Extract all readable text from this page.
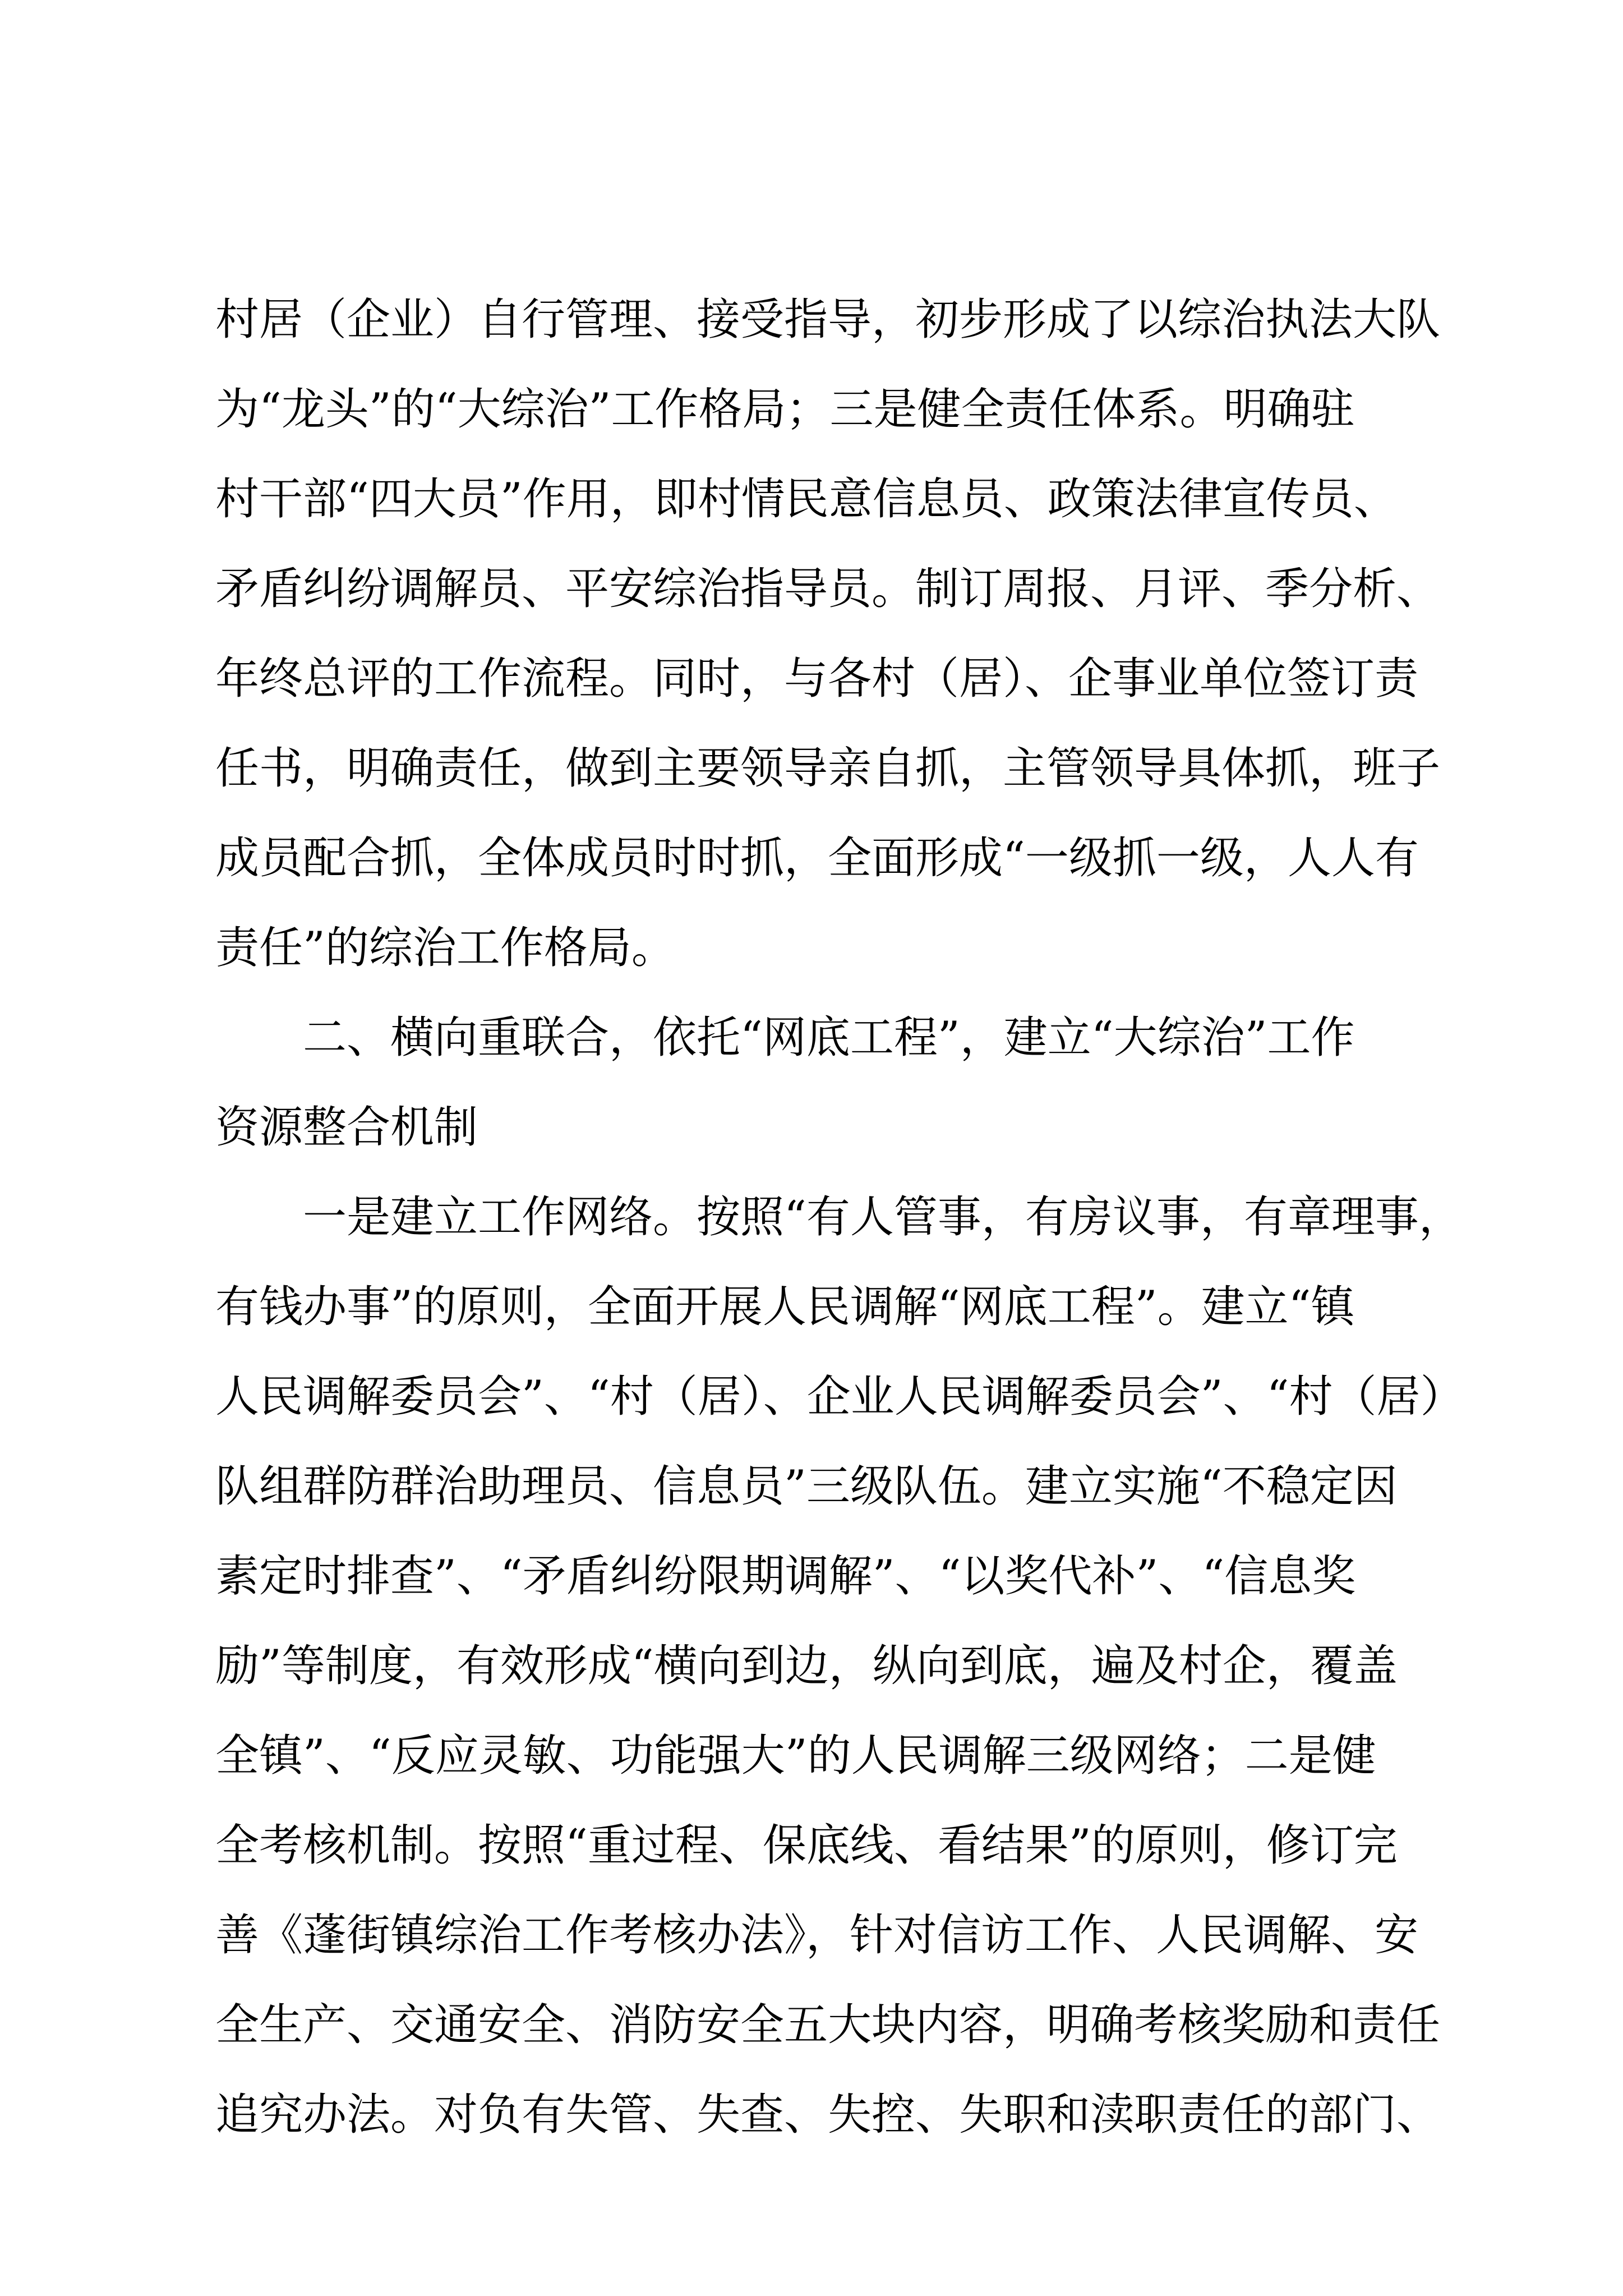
村居（企业）自行管理、接受指导，初步形成了以综治执法大队
为“龙头”的“大综治”工作格局；三是健全责任体系。明确驻
村干部“四大员”作用，即村情民意信息员、政策法律宣传员、
矛盾纠纷调解员、平安综治指导员。制订周报、月评、季分析、
年终总评的工作流程。同时，与各村（居）、企事业单位签订责
任书，明确责任，做到主要领导亲自抓，主管领导具体抓，班子
成员配合抓，全体成员时时抓，全面形成“一级抓一级，人人有
责任”的综治工作格局。
　　二、横向重联合，依托“网底工程”，建立“大综治”工作
资源整合机制
　　一是建立工作网络。按照“有人管事，有房议事，有章理事，
有钱办事”的原则，全面开展人民调解“网底工程”。建立“镇
人民调解委员会”、“村（居）、企业人民调解委员会”、“村（居）
队组群防群治助理员、信息员”三级队伍。建立实施“不稳定因
素定时排查”、“矛盾纠纷限期调解”、“以奖代补”、“信息奖
励”等制度，有效形成“横向到边，纵向到底，遍及村企，覆盖
全镇”、“反应灵敏、功能强大”的人民调解三级网络；二是健
全考核机制。按照“重过程、保底线、看结果”的原则，修订完
善《蓬街镇综治工作考核办法》，针对信访工作、人民调解、安
全生产、交通安全、消防安全五大块内容，明确考核奖励和责任
追究办法。对负有失管、失查、失控、失职和渎职责任的部门、
